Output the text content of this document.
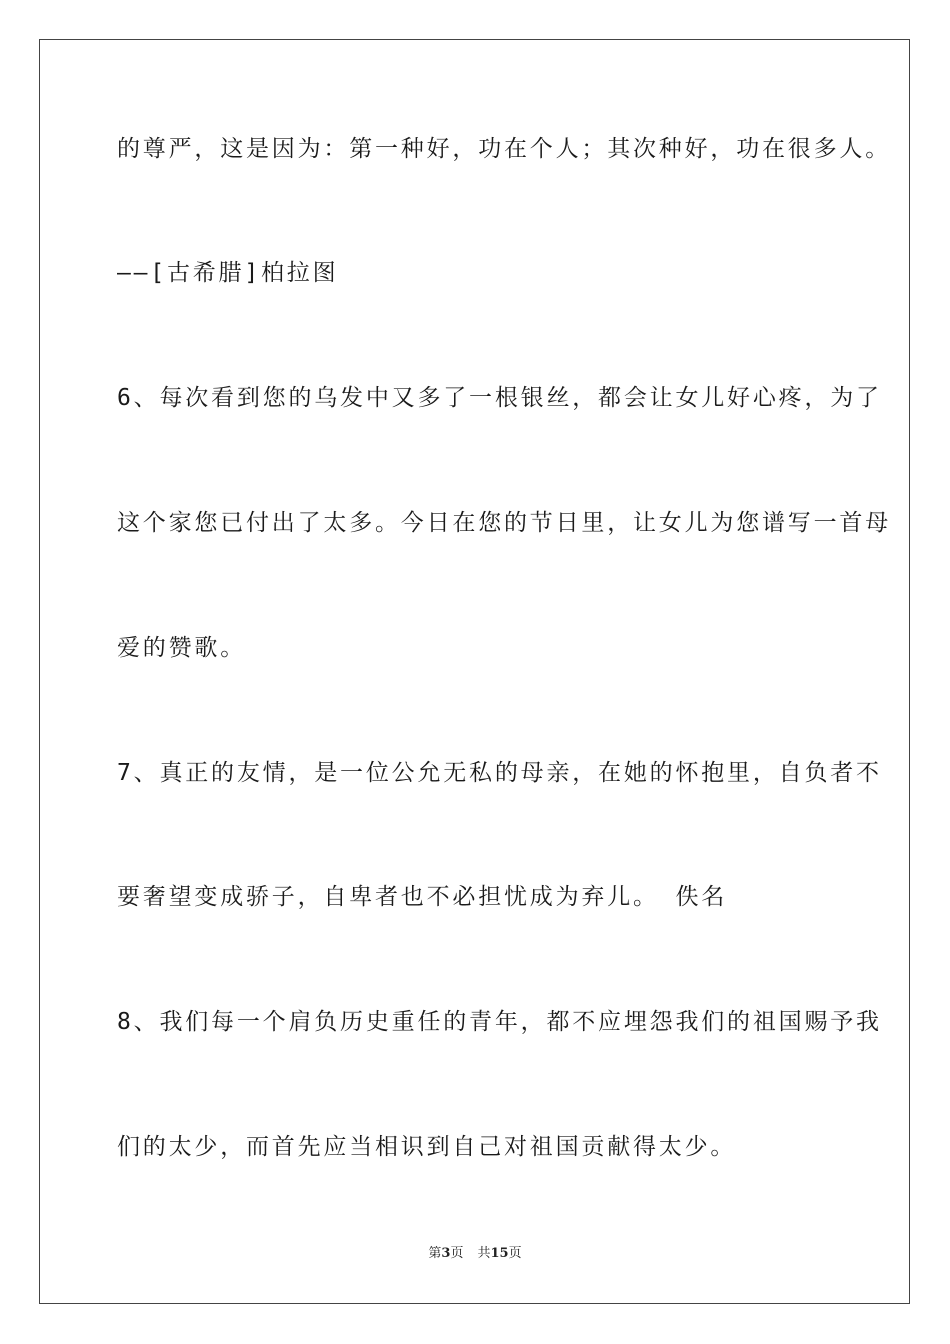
的尊严，这是因为：第一种好，功在个人；其次种好，功在很多人。
——[古希腊]柏拉图
6、每次看到您的乌发中又多了一根银丝，都会让女儿好心疼，为了
这个家您已付出了太多。今日在您的节日里，让女儿为您谱写一首母
爱的赞歌。
7、真正的友情，是一位公允无私的母亲，在她的怀抱里，自负者不
要奢望变成骄子，自卑者也不必担忧成为弃儿。 佚名
8、我们每一个肩负历史重任的青年，都不应埋怨我们的祖国赐予我
们的太少，而首先应当相识到自己对祖国贡献得太少。
第3页 共15页
